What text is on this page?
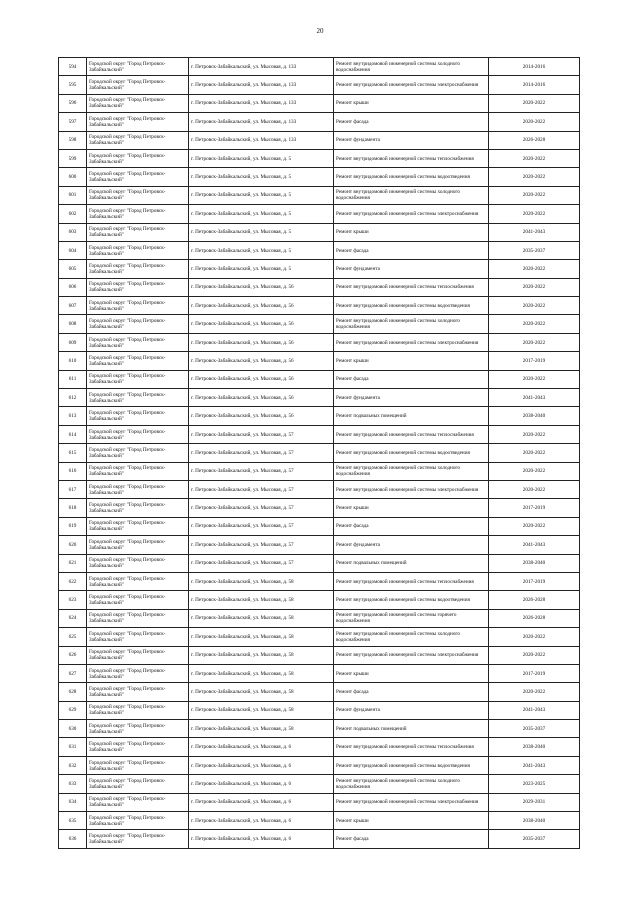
20
594	Городской округ "Город Петровск-Забайкальский"	г. Петровск-Забайкальский, ул. Мысовая, д. 133	Ремонт внутридомовой инженерной системы холодного водоснабжения	2014-2016
595	Городской округ "Город Петровск-Забайкальский"	г. Петровск-Забайкальский, ул. Мысовая, д. 133	Ремонт внутридомовой инженерной системы электроснабжения	2014-2016
596	Городской округ "Город Петровск-Забайкальский"	г. Петровск-Забайкальский, ул. Мысовая, д. 133	Ремонт крыши	2020-2022
597	Городской округ "Город Петровск-Забайкальский"	г. Петровск-Забайкальский, ул. Мысовая, д. 133	Ремонт фасада	2020-2022
598	Городской округ "Город Петровск-Забайкальский"	г. Петровск-Забайкальский, ул. Мысовая, д. 133	Ремонт фундамента	2026-2028
599	Городской округ "Город Петровск-Забайкальский"	г. Петровск-Забайкальский, ул. Мысовая, д. 5	Ремонт внутридомовой инженерной системы теплоснабжения	2020-2022
600	Городской округ "Город Петровск-Забайкальский"	г. Петровск-Забайкальский, ул. Мысовая, д. 5	Ремонт внутридомовой инженерной системы водоотведения	2020-2022
601	Городской округ "Город Петровск-Забайкальский"	г. Петровск-Забайкальский, ул. Мысовая, д. 5	Ремонт внутридомовой инженерной системы холодного водоснабжения	2020-2022
602	Городской округ "Город Петровск-Забайкальский"	г. Петровск-Забайкальский, ул. Мысовая, д. 5	Ремонт внутридомовой инженерной системы электроснабжения	2020-2022
603	Городской округ "Город Петровск-Забайкальский"	г. Петровск-Забайкальский, ул. Мысовая, д. 5	Ремонт крыши	2041-2043
604	Городской округ "Город Петровск-Забайкальский"	г. Петровск-Забайкальский, ул. Мысовая, д. 5	Ремонт фасада	2035-2037
605	Городской округ "Город Петровск-Забайкальский"	г. Петровск-Забайкальский, ул. Мысовая, д. 5	Ремонт фундамента	2020-2022
606	Городской округ "Город Петровск-Забайкальский"	г. Петровск-Забайкальский, ул. Мысовая, д. 56	Ремонт внутридомовой инженерной системы теплоснабжения	2020-2022
607	Городской округ "Город Петровск-Забайкальский"	г. Петровск-Забайкальский, ул. Мысовая, д. 56	Ремонт внутридомовой инженерной системы водоотведения	2020-2022
608	Городской округ "Город Петровск-Забайкальский"	г. Петровск-Забайкальский, ул. Мысовая, д. 56	Ремонт внутридомовой инженерной системы холодного водоснабжения	2020-2022
609	Городской округ "Город Петровск-Забайкальский"	г. Петровск-Забайкальский, ул. Мысовая, д. 56	Ремонт внутридомовой инженерной системы электроснабжения	2020-2022
610	Городской округ "Город Петровск-Забайкальский"	г. Петровск-Забайкальский, ул. Мысовая, д. 56	Ремонт крыши	2017-2019
611	Городской округ "Город Петровск-Забайкальский"	г. Петровск-Забайкальский, ул. Мысовая, д. 56	Ремонт фасада	2020-2022
612	Городской округ "Город Петровск-Забайкальский"	г. Петровск-Забайкальский, ул. Мысовая, д. 56	Ремонт фундамента	2041-2043
613	Городской округ "Город Петровск-Забайкальский"	г. Петровск-Забайкальский, ул. Мысовая, д. 56	Ремонт подвальных помещений	2038-2040
614	Городской округ "Город Петровск-Забайкальский"	г. Петровск-Забайкальский, ул. Мысовая, д. 57	Ремонт внутридомовой инженерной системы теплоснабжения	2020-2022
615	Городской округ "Город Петровск-Забайкальский"	г. Петровск-Забайкальский, ул. Мысовая, д. 57	Ремонт внутридомовой инженерной системы водоотведения	2020-2022
616	Городской округ "Город Петровск-Забайкальский"	г. Петровск-Забайкальский, ул. Мысовая, д. 57	Ремонт внутридомовой инженерной системы холодного водоснабжения	2020-2022
617	Городской округ "Город Петровск-Забайкальский"	г. Петровск-Забайкальский, ул. Мысовая, д. 57	Ремонт внутридомовой инженерной системы электроснабжения	2020-2022
618	Городской округ "Город Петровск-Забайкальский"	г. Петровск-Забайкальский, ул. Мысовая, д. 57	Ремонт крыши	2017-2019
619	Городской округ "Город Петровск-Забайкальский"	г. Петровск-Забайкальский, ул. Мысовая, д. 57	Ремонт фасада	2020-2022
620	Городской округ "Город Петровск-Забайкальский"	г. Петровск-Забайкальский, ул. Мысовая, д. 57	Ремонт фундамента	2041-2043
621	Городской округ "Город Петровск-Забайкальский"	г. Петровск-Забайкальский, ул. Мысовая, д. 57	Ремонт подвальных помещений	2038-2040
622	Городской округ "Город Петровск-Забайкальский"	г. Петровск-Забайкальский, ул. Мысовая, д. 58	Ремонт внутридомовой инженерной системы теплоснабжения	2017-2019
623	Городской округ "Город Петровск-Забайкальский"	г. Петровск-Забайкальский, ул. Мысовая, д. 58	Ремонт внутридомовой инженерной системы водоотведения	2026-2028
624	Городской округ "Город Петровск-Забайкальский"	г. Петровск-Забайкальский, ул. Мысовая, д. 58	Ремонт внутридомовой инженерной системы горячего водоснабжения	2026-2028
625	Городской округ "Город Петровск-Забайкальский"	г. Петровск-Забайкальский, ул. Мысовая, д. 58	Ремонт внутридомовой инженерной системы холодного водоснабжения	2020-2022
626	Городской округ "Город Петровск-Забайкальский"	г. Петровск-Забайкальский, ул. Мысовая, д. 58	Ремонт внутридомовой инженерной системы электроснабжения	2020-2022
627	Городской округ "Город Петровск-Забайкальский"	г. Петровск-Забайкальский, ул. Мысовая, д. 58	Ремонт крыши	2017-2019
628	Городской округ "Город Петровск-Забайкальский"	г. Петровск-Забайкальский, ул. Мысовая, д. 58	Ремонт фасада	2020-2022
629	Городской округ "Город Петровск-Забайкальский"	г. Петровск-Забайкальский, ул. Мысовая, д. 58	Ремонт фундамента	2041-2043
630	Городской округ "Город Петровск-Забайкальский"	г. Петровск-Забайкальский, ул. Мысовая, д. 58	Ремонт подвальных помещений	2035-2037
631	Городской округ "Город Петровск-Забайкальский"	г. Петровск-Забайкальский, ул. Мысовая, д. 6	Ремонт внутридомовой инженерной системы теплоснабжения	2038-2040
632	Городской округ "Город Петровск-Забайкальский"	г. Петровск-Забайкальский, ул. Мысовая, д. 6	Ремонт внутридомовой инженерной системы водоотведения	2041-2043
633	Городской округ "Город Петровск-Забайкальский"	г. Петровск-Забайкальский, ул. Мысовая, д. 6	Ремонт внутридомовой инженерной системы холодного водоснабжения	2023-2025
634	Городской округ "Город Петровск-Забайкальский"	г. Петровск-Забайкальский, ул. Мысовая, д. 6	Ремонт внутридомовой инженерной системы электроснабжения	2029-2031
635	Городской округ "Город Петровск-Забайкальский"	г. Петровск-Забайкальский, ул. Мысовая, д. 6	Ремонт крыши	2038-2040
636	Городской округ "Город Петровск-Забайкальский"	г. Петровск-Забайкальский, ул. Мысовая, д. 6	Ремонт фасада	2035-2037
